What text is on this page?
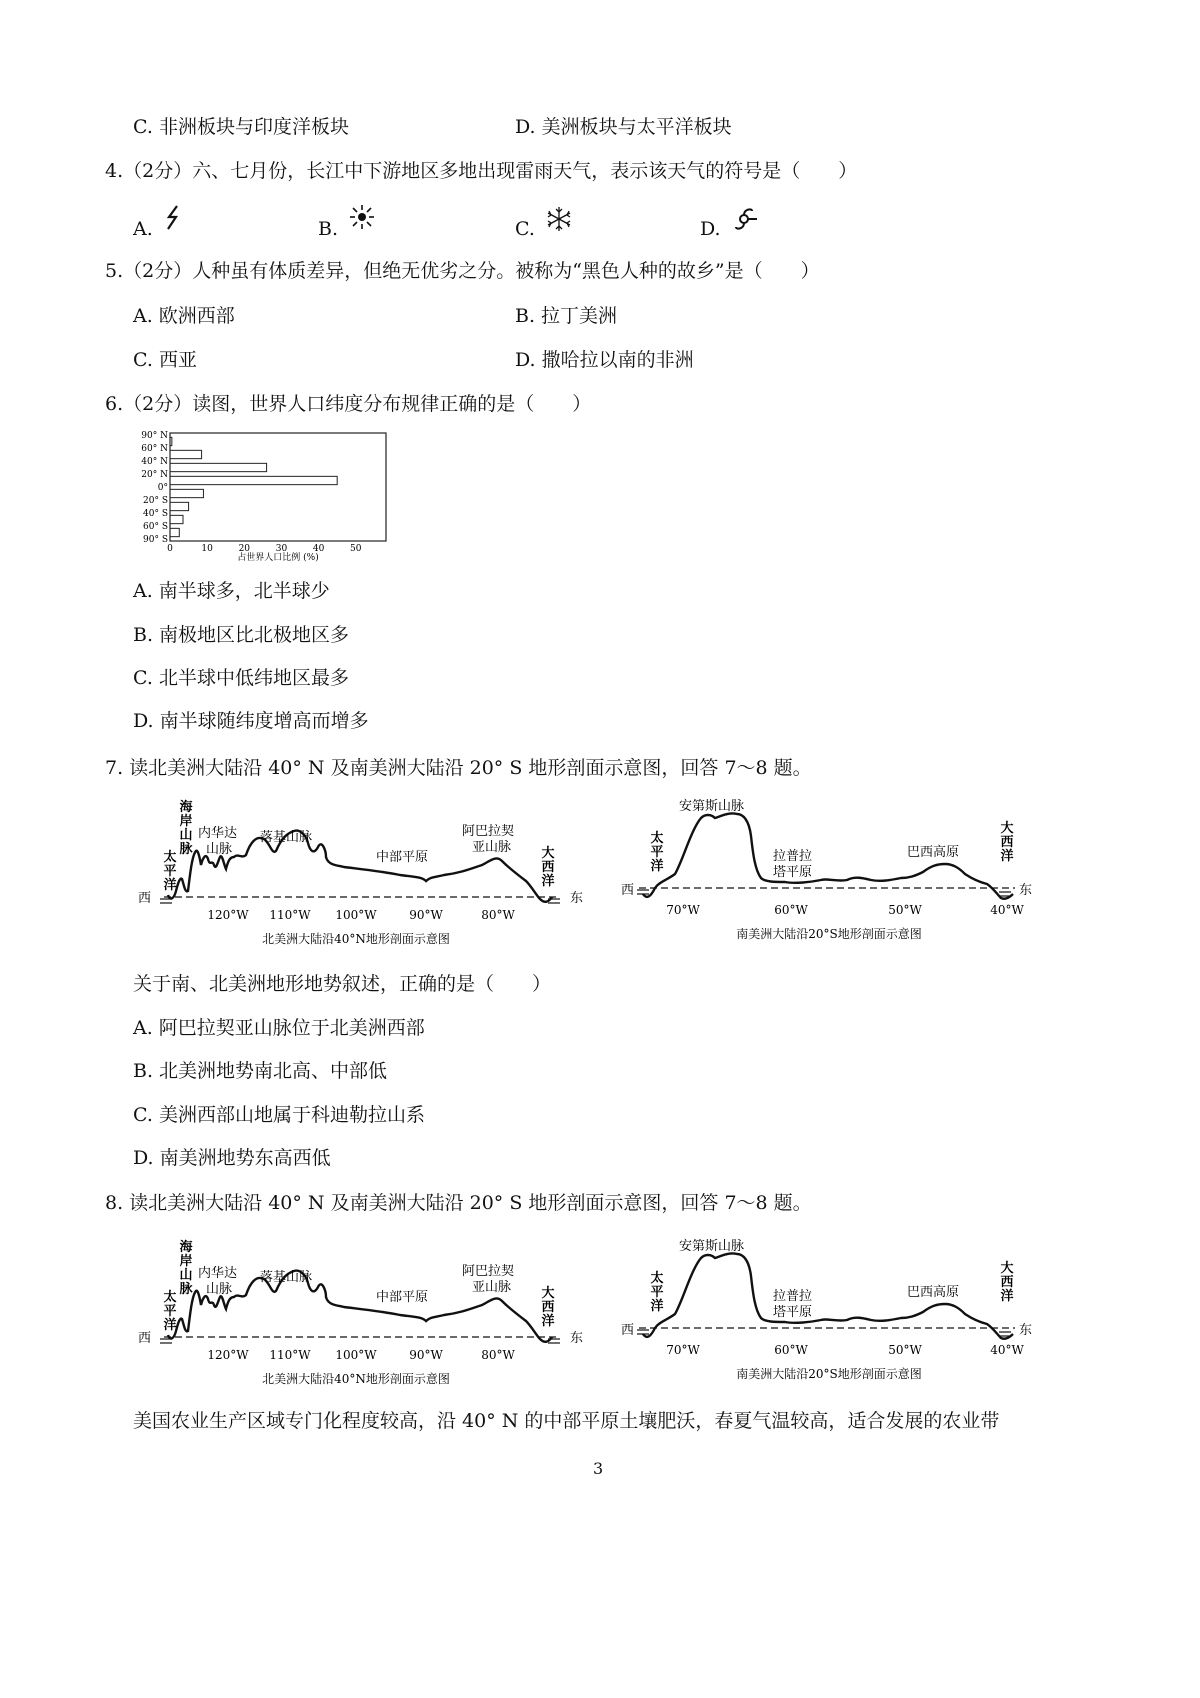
C. 非洲板块与印度洋板块	D. 美洲板块与太平洋板块
4.（2分）六、七月份，长江中下游地区多地出现雷雨天气，表示该天气的符号是（　　）
A.	B.	C.	D.
5.（2分）人种虽有体质差异，但绝无优劣之分。被称为“黑色人种的故乡”是（　　）
A. 欧洲西部	B. 拉丁美洲
C. 西亚	D. 撒哈拉以南的非洲
6.（2分）读图，世界人口纬度分布规律正确的是（　　）
90° N
60° N
40° N
20° N
0°
20° S
40° S
60° S
90° S
0	10	20	30	40	50
占世界人口比例 (%)
A. 南半球多，北半球少
B. 南极地区比北极地区多
C. 北半球中低纬地区最多
D. 南半球随纬度增高而增多
7. 读北美洲大陆沿 40° N 及南美洲大陆沿 20° S 地形剖面示意图，回答 7～8 题。
西	东
太平洋
海岸山脉
内华达
山脉
落基山脉
中部平原
阿巴拉契
亚山脉 大西洋
120°W 110°W 100°W	90°W	80°W
北美洲大陆沿40°N地形剖面示意图
西	东
太平洋
安第斯山脉
拉普拉
塔平原
巴西高原
大西洋
70°W	60°W	50°W	40°W
南美洲大陆沿20°S地形剖面示意图
关于南、北美洲地形地势叙述，正确的是（　　）
A. 阿巴拉契亚山脉位于北美洲西部
B. 北美洲地势南北高、中部低
C. 美洲西部山地属于科迪勒拉山系
D. 南美洲地势东高西低
8. 读北美洲大陆沿 40° N 及南美洲大陆沿 20° S 地形剖面示意图，回答 7～8 题。
西	东
太平洋
海岸山脉
内华达
山脉
落基山脉
中部平原
阿巴拉契
亚山脉 大西洋
120°W 110°W 100°W	90°W	80°W
北美洲大陆沿40°N地形剖面示意图
西	东
太平洋
安第斯山脉
拉普拉
塔平原
巴西高原
大西洋
70°W	60°W	50°W	40°W
南美洲大陆沿20°S地形剖面示意图
美国农业生产区域专门化程度较高，沿 40° N 的中部平原土壤肥沃，春夏气温较高，适合发展的农业带
3
